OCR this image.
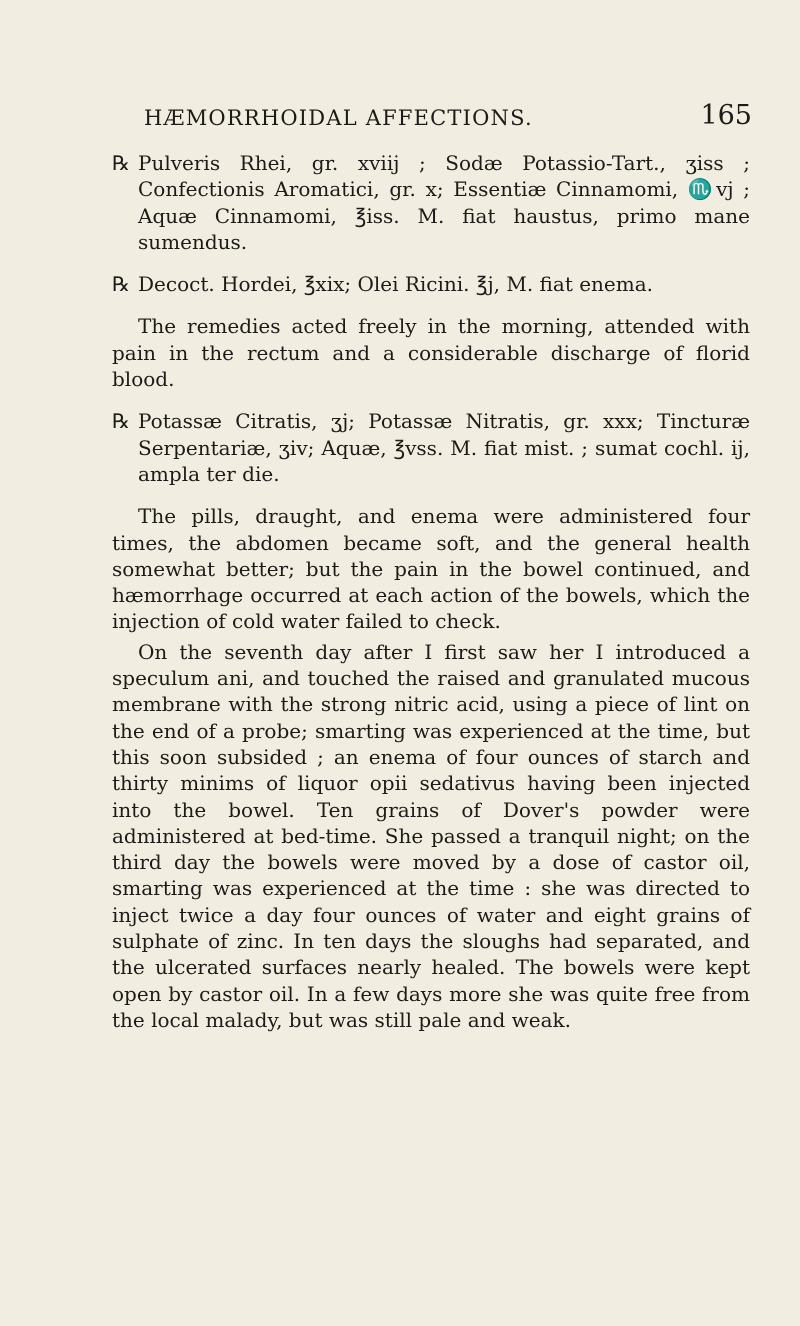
HÆMORRHOIDAL AFFECTIONS.	165

℞ Pulveris Rhei, gr. xviij ; Sodæ Potassio-Tart., ʒiss ; Confectionis Aromatici, gr. x; Essentiæ Cinnamomi, ♏vj ; Aquæ Cinnamomi, ℥iss. M. fiat haustus, primo mane sumendus.

℞ Decoct. Hordei, ℥xix; Olei Ricini. ℥j, M. fiat enema.

The remedies acted freely in the morning, attended with pain in the rectum and a considerable discharge of florid blood.

℞ Potassæ Citratis, ʒj; Potassæ Nitratis, gr. xxx; Tincturæ Serpentariæ, ʒiv; Aquæ, ℥vss. M. fiat mist. ; sumat cochl. ij, ampla ter die.

The pills, draught, and enema were administered four times, the abdomen became soft, and the general health somewhat better; but the pain in the bowel continued, and hæmorrhage occurred at each action of the bowels, which the injection of cold water failed to check.

On the seventh day after I first saw her I introduced a speculum ani, and touched the raised and granulated mucous membrane with the strong nitric acid, using a piece of lint on the end of a probe; smarting was experienced at the time, but this soon subsided ; an enema of four ounces of starch and thirty minims of liquor opii sedativus having been injected into the bowel. Ten grains of Dover's powder were administered at bed-time. She passed a tranquil night; on the third day the bowels were moved by a dose of castor oil, smarting was experienced at the time : she was directed to inject twice a day four ounces of water and eight grains of sulphate of zinc. In ten days the sloughs had separated, and the ulcerated surfaces nearly healed. The bowels were kept open by castor oil. In a few days more she was quite free from the local malady, but was still pale and weak.
